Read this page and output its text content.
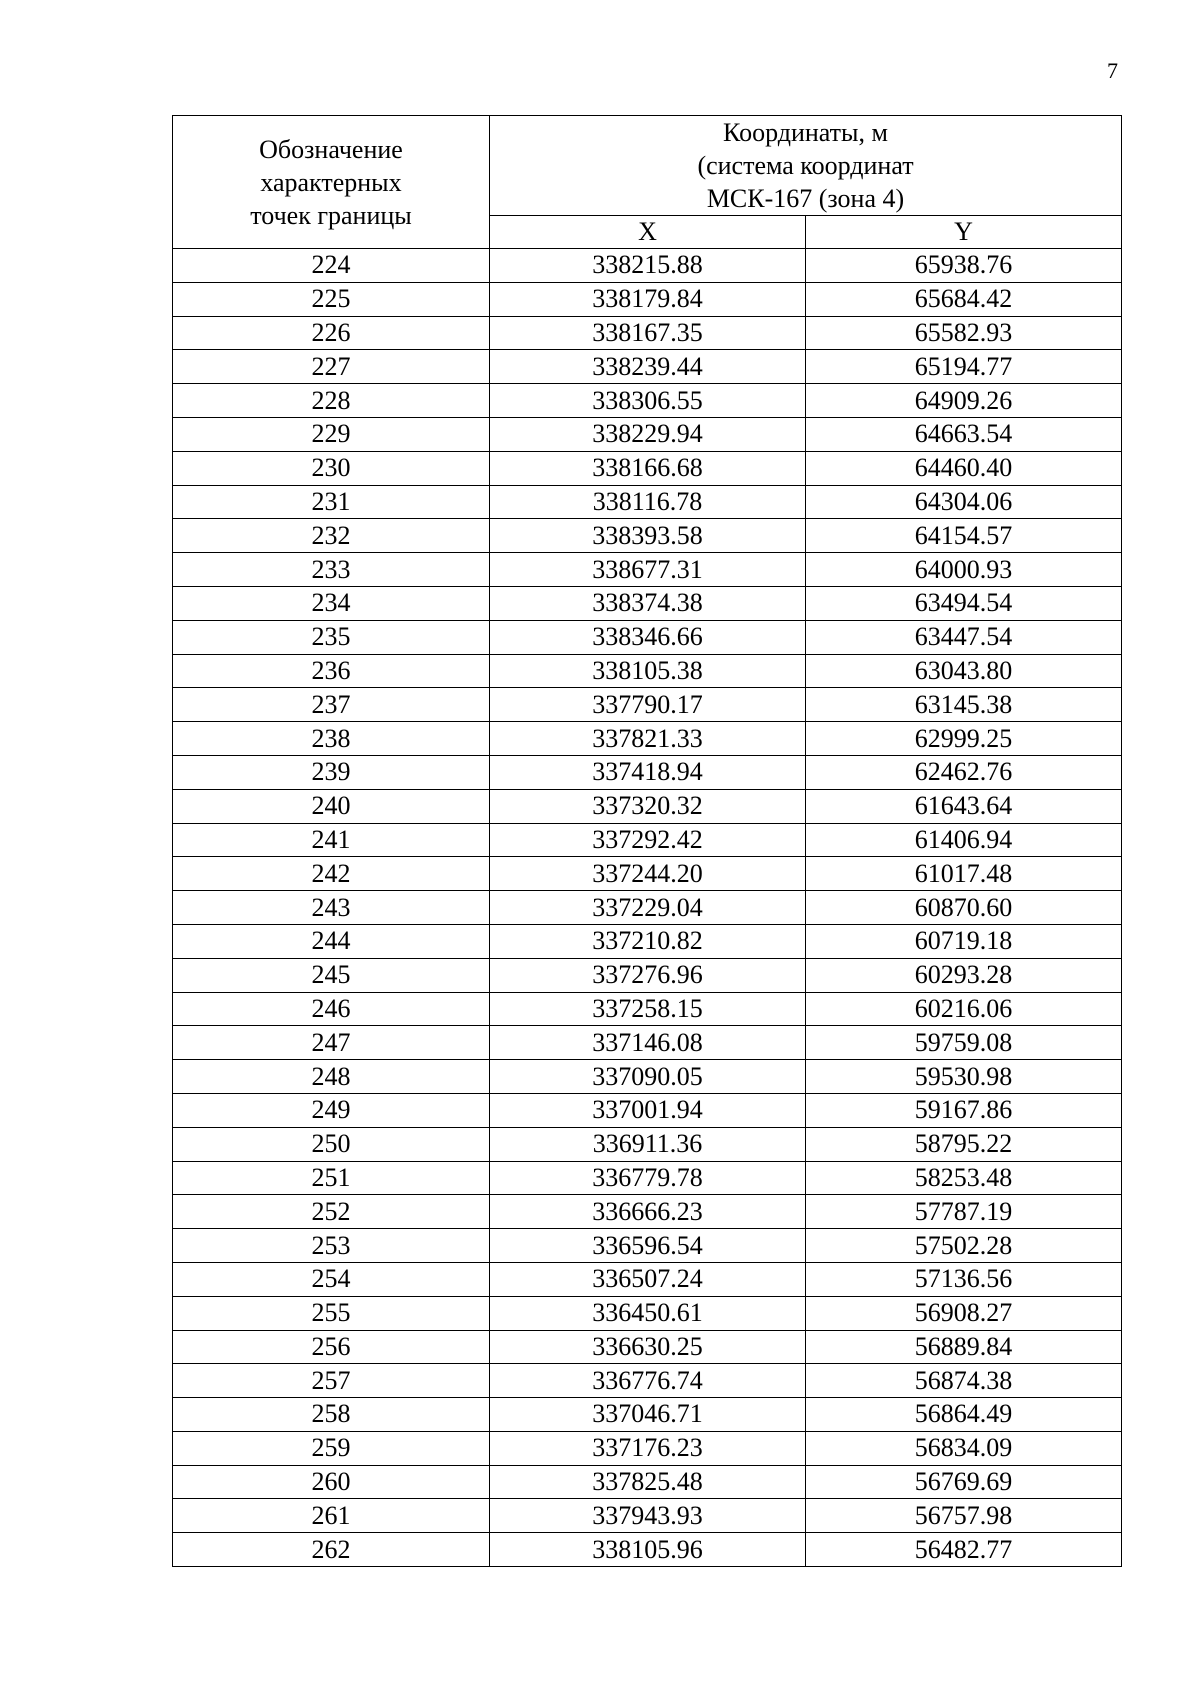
7
Обозначение
характерных
точек границы	Координаты, м
(система координат
МСК-167 (зона 4)	

	X	Y
224	338215.88	65938.76
225	338179.84	65684.42
226	338167.35	65582.93
227	338239.44	65194.77
228	338306.55	64909.26
229	338229.94	64663.54
230	338166.68	64460.40
231	338116.78	64304.06
232	338393.58	64154.57
233	338677.31	64000.93
234	338374.38	63494.54
235	338346.66	63447.54
236	338105.38	63043.80
237	337790.17	63145.38
238	337821.33	62999.25
239	337418.94	62462.76
240	337320.32	61643.64
241	337292.42	61406.94
242	337244.20	61017.48
243	337229.04	60870.60
244	337210.82	60719.18
245	337276.96	60293.28
246	337258.15	60216.06
247	337146.08	59759.08
248	337090.05	59530.98
249	337001.94	59167.86
250	336911.36	58795.22
251	336779.78	58253.48
252	336666.23	57787.19
253	336596.54	57502.28
254	336507.24	57136.56
255	336450.61	56908.27
256	336630.25	56889.84
257	336776.74	56874.38
258	337046.71	56864.49
259	337176.23	56834.09
260	337825.48	56769.69
261	337943.93	56757.98
262	338105.96	56482.77
